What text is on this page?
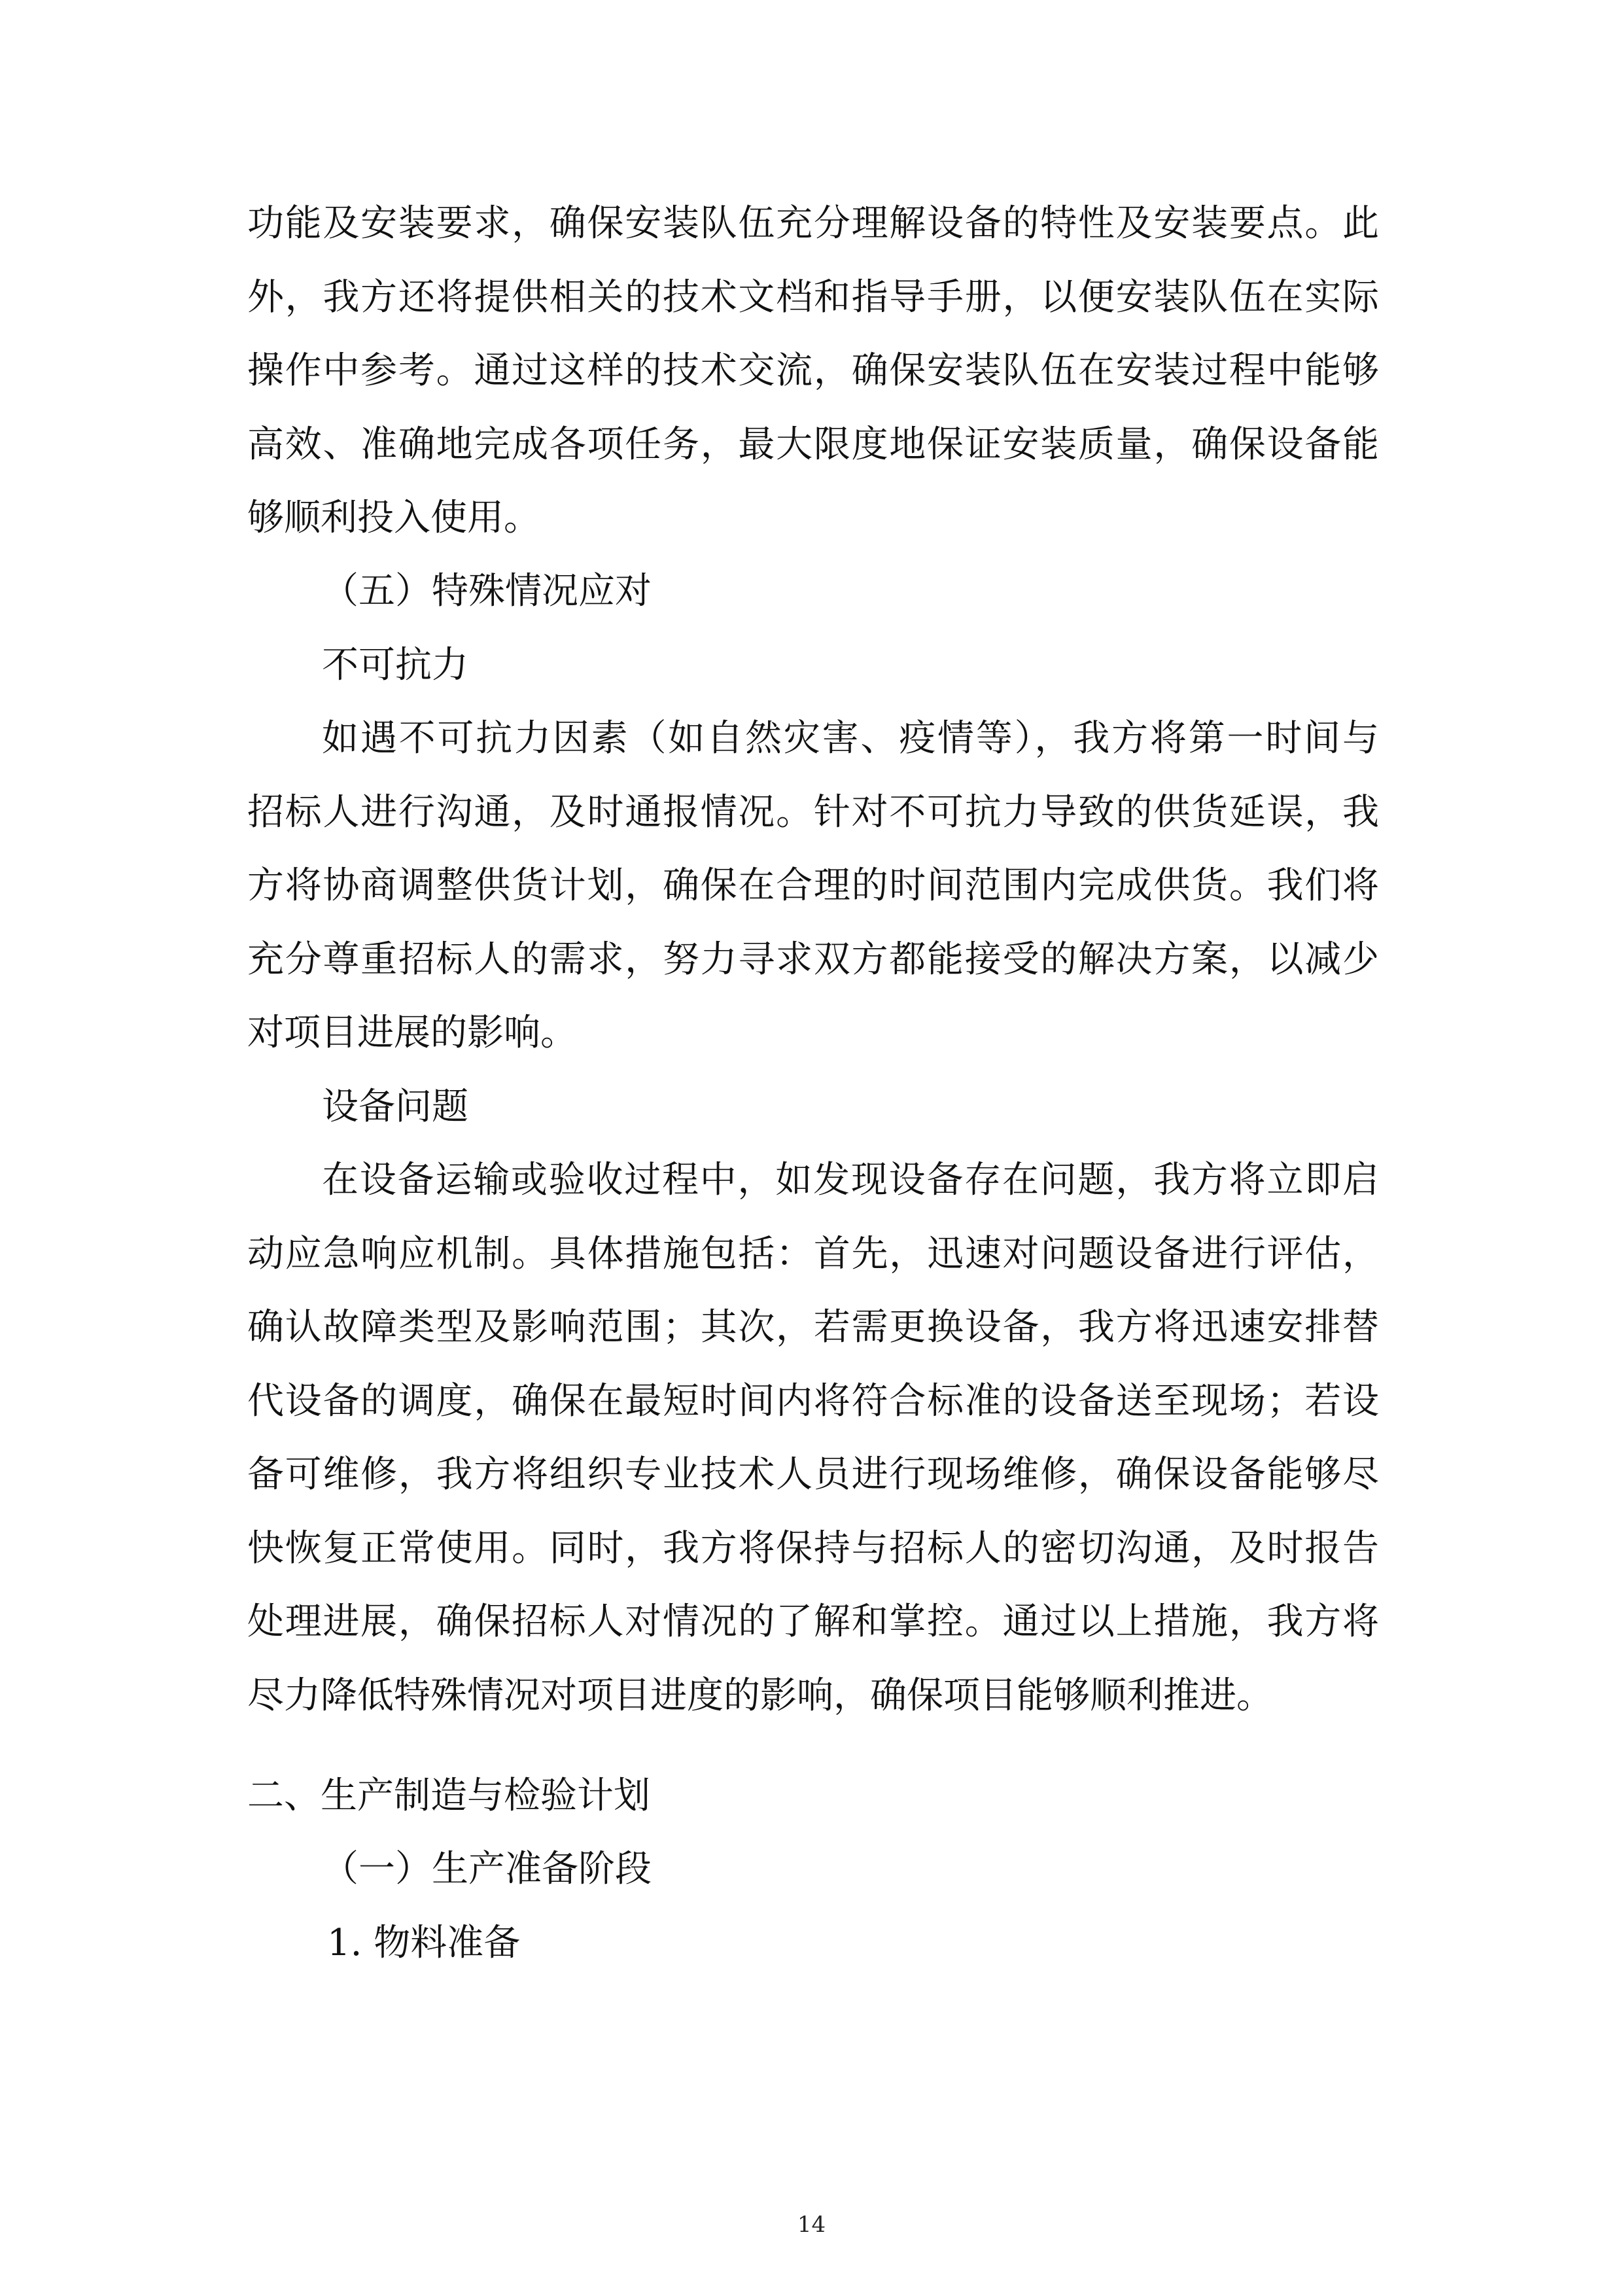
功能及安装要求，确保安装队伍充分理解设备的特性及安装要点。此
外，我方还将提供相关的技术文档和指导手册，以便安装队伍在实际
操作中参考。通过这样的技术交流，确保安装队伍在安装过程中能够
高效、准确地完成各项任务，最大限度地保证安装质量，确保设备能
够顺利投入使用。
（五）特殊情况应对
不可抗力
如遇不可抗力因素（如自然灾害、疫情等），我方将第一时间与
招标人进行沟通，及时通报情况。针对不可抗力导致的供货延误，我
方将协商调整供货计划，确保在合理的时间范围内完成供货。我们将
充分尊重招标人的需求，努力寻求双方都能接受的解决方案，以减少
对项目进展的影响。
设备问题
在设备运输或验收过程中，如发现设备存在问题，我方将立即启
动应急响应机制。具体措施包括：首先，迅速对问题设备进行评估，
确认故障类型及影响范围；其次，若需更换设备，我方将迅速安排替
代设备的调度，确保在最短时间内将符合标准的设备送至现场；若设
备可维修，我方将组织专业技术人员进行现场维修，确保设备能够尽
快恢复正常使用。同时，我方将保持与招标人的密切沟通，及时报告
处理进展，确保招标人对情况的了解和掌控。通过以上措施，我方将
尽力降低特殊情况对项目进度的影响，确保项目能够顺利推进。
二、生产制造与检验计划
（一）生产准备阶段
1. 物料准备
14
